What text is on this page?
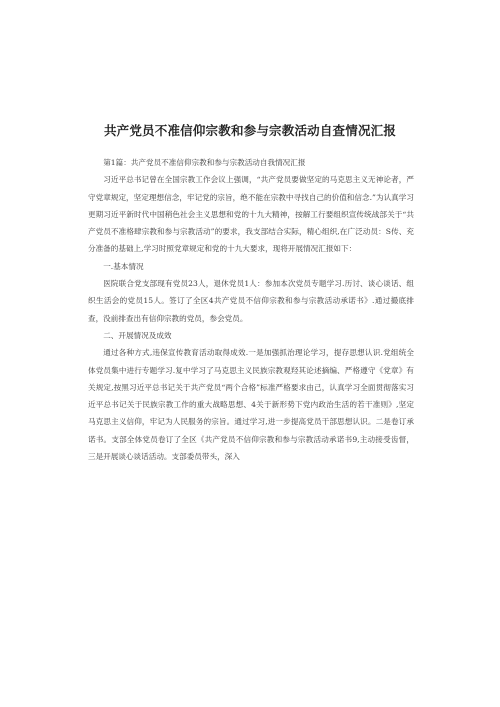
共产党员不准信仰宗教和参与宗教活动自查情况汇报

第1篇：共产党员不准信仰宗教和参与宗教活动自我情况汇报

习近平总书记曾在全国宗教工作会议上强调，“共产党员要做坚定的马克思主义无神论者，严守党章规定，坚定理想信念，牢记党的宗旨，绝不能在宗教中寻找自己的价值和信念.”为认真学习更期习近平新时代中国稍色社会主义思想和党的十九大精神，按解工行要组织宣传统战部关于“共产党员不准格肆宗教和参与宗教活动”的要求，我支部结合实际，精心组织,在广泛动员：S传、充分准备的基础上,学习时照党章规定和党的十九大要求，现将开展情况汇报如下：

一.基本情况

医院联合党支部现有党员23人，退休党员1人：参加本次党员专题学习.历讨、谈心谈话、组织生活会的党员15人。签订了全区4共产党员不信仰宗教和参与宗教活动承诺书》.通过撮底排查，没前排查出有信仰宗教的党员，参会党员。

二、开展情况及成效

通过各种方式,违保宣传教育活动取得成效.一是加强抓治理论学习，提存思想认识.党组统全体党员集中进行专题学习.复中学习了马克思主义民族宗教观羟其论述摘编、严格遵守《党章》有关规定,按黑习近平总书记关于共产党员“两个合格”标准严格要求由己，认真学习全面贯彻落实习近平总书记关于民族宗教工作的重大战略思想、4关于新形势下党内政治生活的若干准则》,坚定马克思主义信仰，牢记为人民服务的宗旨。通过学习,进一步提高党员干部思想认识。二是卷订承诺书。支部全体党员卷订了全区《共产党员不信仰宗教和参与宗教活动承诺书9,主动接受齿督，三是开展谈心谈话活动。支部委员带头，深入
